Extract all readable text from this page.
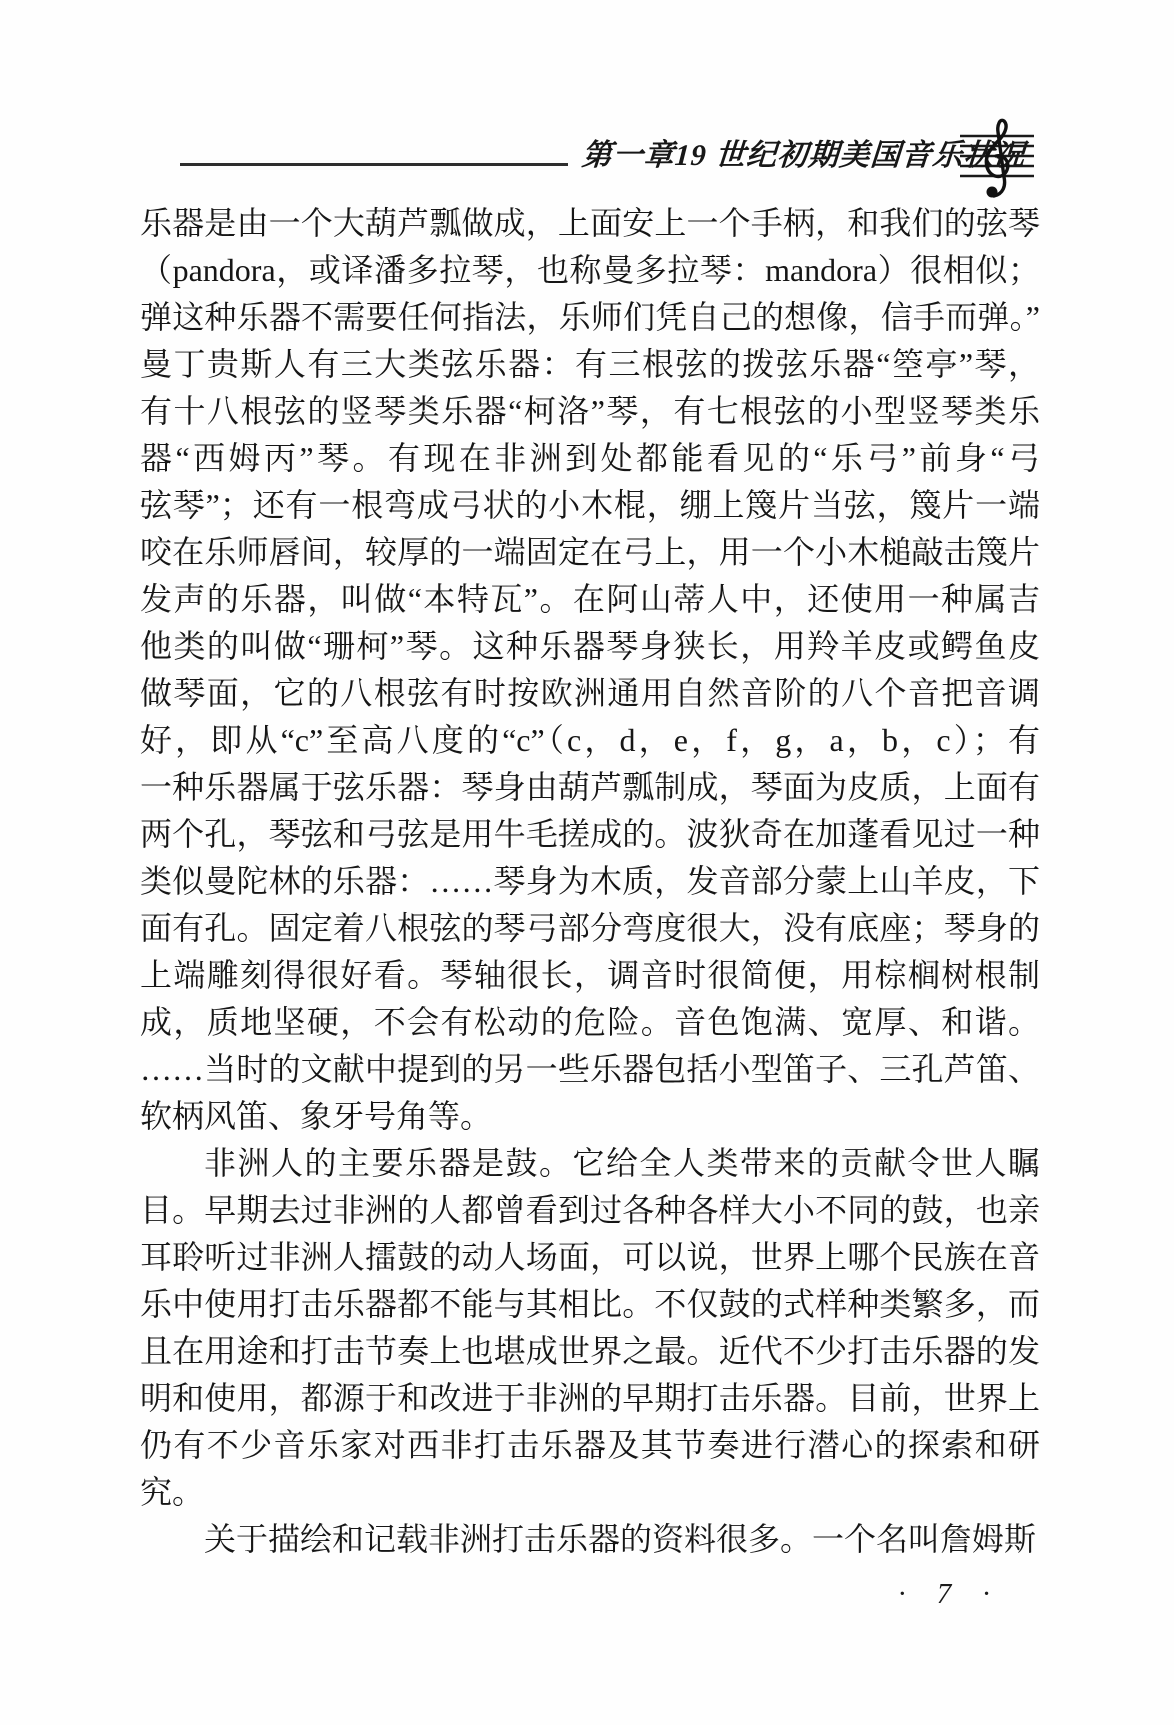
第一章
19 世纪初期美国音乐状况
乐器是由一个大葫芦瓢做成，上面安上一个手柄，和我们的弦琴
（pandora，或译潘多拉琴，也称曼多拉琴：mandora）很相似；
弹这种乐器不需要任何指法，乐师们凭自己的想像，信手而弹。”
曼丁贵斯人有三大类弦乐器：有三根弦的拨弦乐器“箜亭”琴，
有十八根弦的竖琴类乐器“柯洛”琴，有七根弦的小型竖琴类乐
器“西姆丙”琴。有现在非洲到处都能看见的“乐弓”前身“弓
弦琴”；还有一根弯成弓状的小木棍，绷上篾片当弦，篾片一端
咬在乐师唇间，较厚的一端固定在弓上，用一个小木槌敲击篾片
发声的乐器，叫做“本特瓦”。在阿山蒂人中，还使用一种属吉
他类的叫做“珊柯”琴。这种乐器琴身狭长，用羚羊皮或鳄鱼皮
做琴面，它的八根弦有时按欧洲通用自然音阶的八个音把音调
好，即从“c”至高八度的“c”（c，d，e，f，g，a，b，c）；有
一种乐器属于弦乐器：琴身由葫芦瓢制成，琴面为皮质，上面有
两个孔，琴弦和弓弦是用牛毛搓成的。波狄奇在加蓬看见过一种
类似曼陀林的乐器：……琴身为木质，发音部分蒙上山羊皮，下
面有孔。固定着八根弦的琴弓部分弯度很大，没有底座；琴身的
上端雕刻得很好看。琴轴很长，调音时很简便，用棕榈树根制
成，质地坚硬，不会有松动的危险。音色饱满、宽厚、和谐。
……当时的文献中提到的另一些乐器包括小型笛子、三孔芦笛、
软柄风笛、象牙号角等。
非洲人的主要乐器是鼓。它给全人类带来的贡献令世人瞩
目。早期去过非洲的人都曾看到过各种各样大小不同的鼓，也亲
耳聆听过非洲人擂鼓的动人场面，可以说，世界上哪个民族在音
乐中使用打击乐器都不能与其相比。不仅鼓的式样种类繁多，而
且在用途和打击节奏上也堪成世界之最。近代不少打击乐器的发
明和使用，都源于和改进于非洲的早期打击乐器。目前，世界上
仍有不少音乐家对西非打击乐器及其节奏进行潜心的探索和研
究。
关于描绘和记载非洲打击乐器的资料很多。一个名叫詹姆斯
· 7 ·
